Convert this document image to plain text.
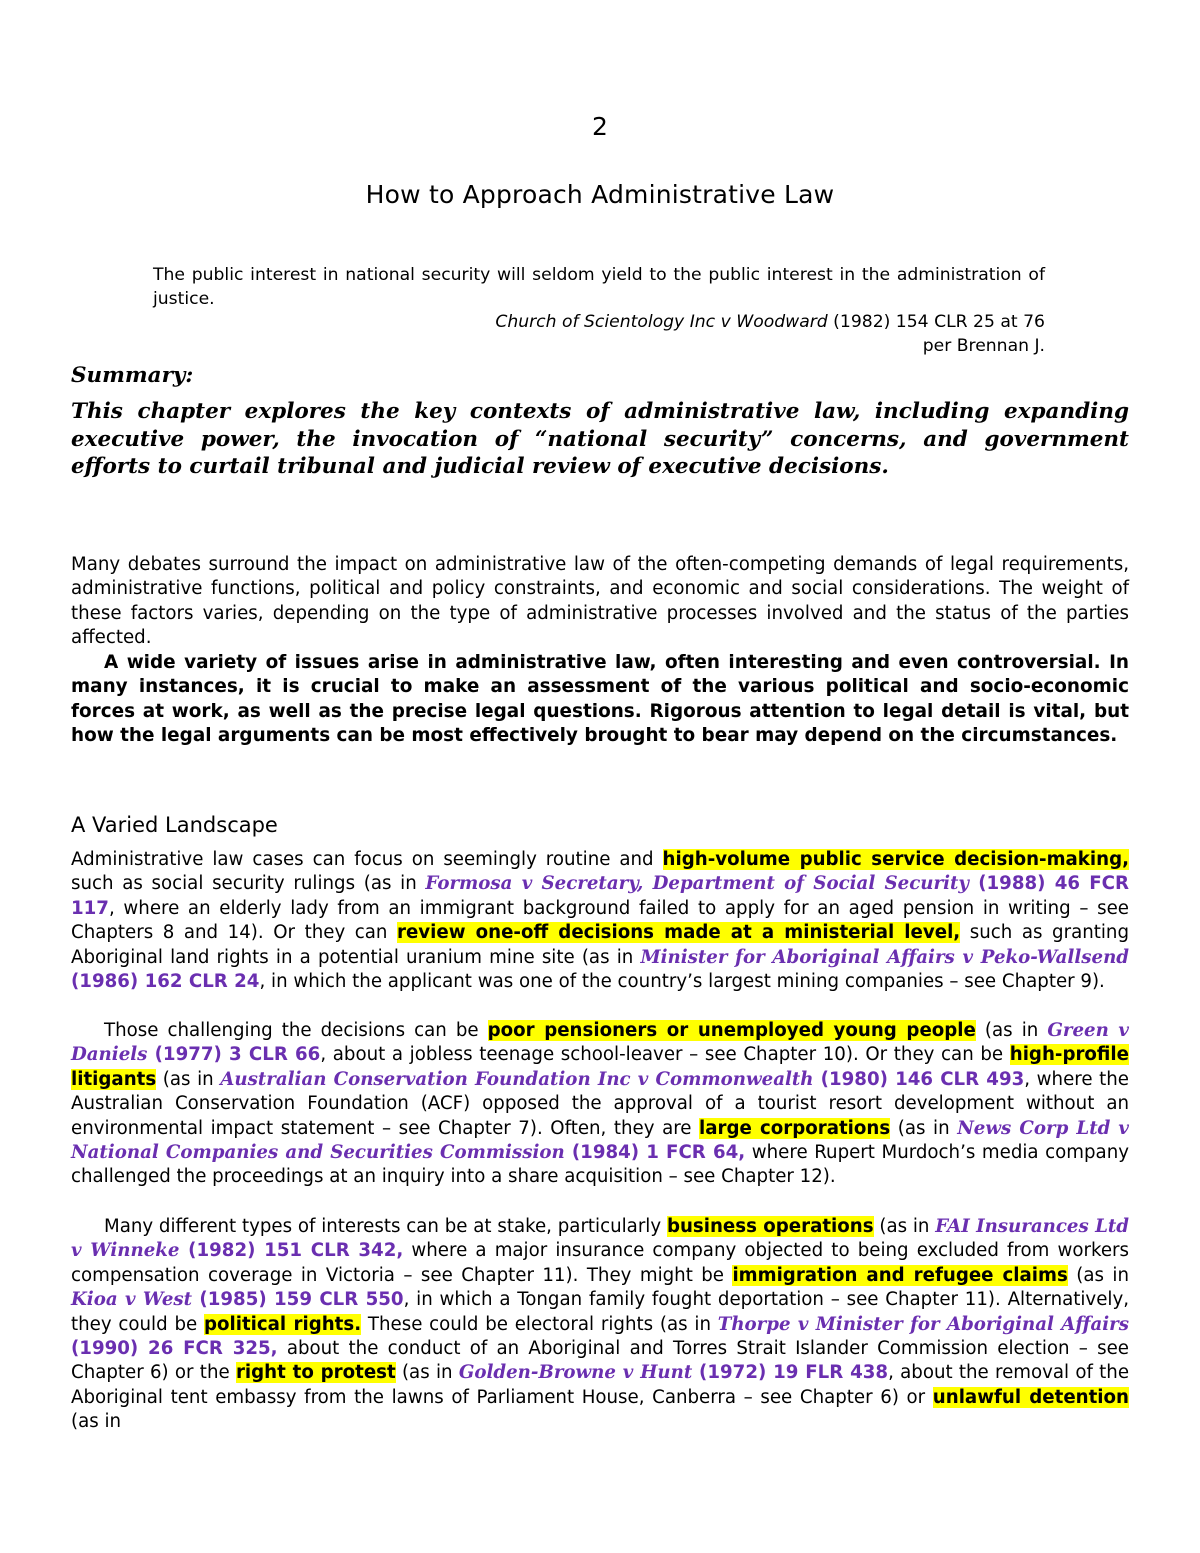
2
How to Approach Administrative Law
The public interest in national security will seldom yield to the public interest in the administration of justice.
Church of Scientology Inc v Woodward (1982) 154 CLR 25 at 76
per Brennan J.
Summary:
This chapter explores the key contexts of administrative law, including expanding executive power, the invocation of “national security” concerns, and government efforts to curtail tribunal and judicial review of executive decisions.
Many debates surround the impact on administrative law of the often-competing demands of legal requirements, administrative functions, political and policy constraints, and economic and social considerations. The weight of these factors varies, depending on the type of administrative processes involved and the status of the parties affected.
A wide variety of issues arise in administrative law, often interesting and even controversial. In many instances, it is crucial to make an assessment of the various political and socio-economic forces at work, as well as the precise legal questions. Rigorous attention to legal detail is vital, but how the legal arguments can be most effectively brought to bear may depend on the circumstances.
A Varied Landscape
Administrative law cases can focus on seemingly routine and high-volume public service decision-making, such as social security rulings (as in Formosa v Secretary, Department of Social Security (1988) 46 FCR 117, where an elderly lady from an immigrant background failed to apply for an aged pension in writing – see Chapters 8 and 14). Or they can review one-off decisions made at a ministerial level, such as granting Aboriginal land rights in a potential uranium mine site (as in Minister for Aboriginal Affairs v Peko-Wallsend (1986) 162 CLR 24, in which the applicant was one of the country’s largest mining companies – see Chapter 9).
Those challenging the decisions can be poor pensioners or unemployed young people (as in Green v Daniels (1977) 3 CLR 66, about a jobless teenage school-leaver – see Chapter 10). Or they can be high-profile litigants (as in Australian Conservation Foundation Inc v Commonwealth (1980) 146 CLR 493, where the Australian Conservation Foundation (ACF) opposed the approval of a tourist resort development without an environmental impact statement – see Chapter 7). Often, they are large corporations (as in News Corp Ltd v National Companies and Securities Commission (1984) 1 FCR 64, where Rupert Murdoch’s media company challenged the proceedings at an inquiry into a share acquisition – see Chapter 12).
Many different types of interests can be at stake, particularly business operations (as in FAI Insurances Ltd v Winneke (1982) 151 CLR 342, where a major insurance company objected to being excluded from workers compensation coverage in Victoria – see Chapter 11). They might be immigration and refugee claims (as in Kioa v West (1985) 159 CLR 550, in which a Tongan family fought deportation – see Chapter 11). Alternatively, they could be political rights. These could be electoral rights (as in Thorpe v Minister for Aboriginal Affairs (1990) 26 FCR 325, about the conduct of an Aboriginal and Torres Strait Islander Commission election – see Chapter 6) or the right to protest (as in Golden-Browne v Hunt (1972) 19 FLR 438, about the removal of the Aboriginal tent embassy from the lawns of Parliament House, Canberra – see Chapter 6) or unlawful detention (as in
